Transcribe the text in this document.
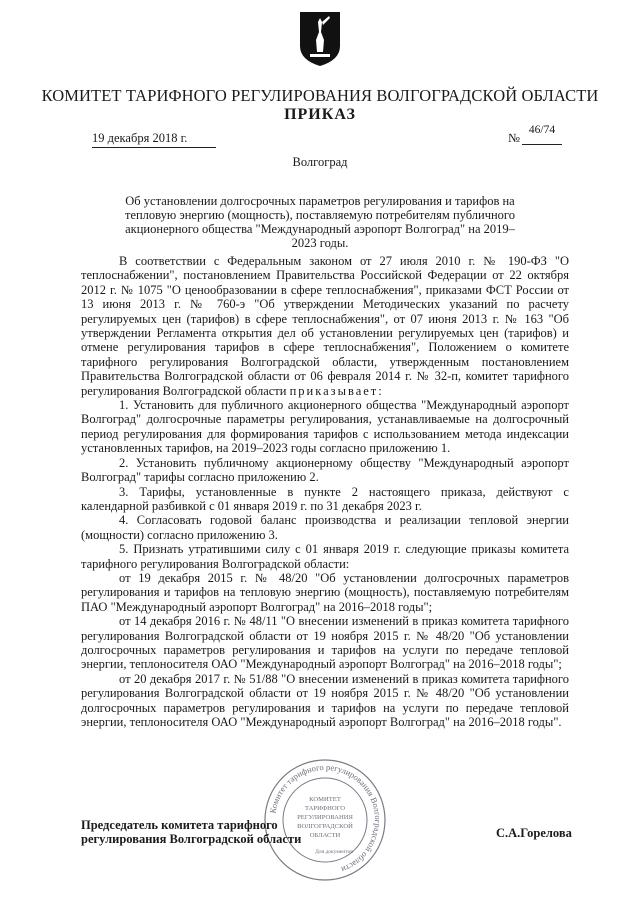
КОМИТЕТ ТАРИФНОГО РЕГУЛИРОВАНИЯ ВОЛГОГРАДСКОЙ ОБЛАСТИ
ПРИКАЗ
19 декабря 2018 г.	№
46/74
Волгоград
Об установлении долгосрочных параметров регулирования и тарифов на тепловую энергию (мощность), поставляемую потребителям публичного акционерного общества "Международный аэропорт Волгоград" на 2019–2023 годы.

В соответствии с Федеральным законом от 27 июля 2010 г. № 190-ФЗ "О теплоснабжении", постановлением Правительства Российской Федерации от 22 октября 2012 г. № 1075 "О ценообразовании в сфере теплоснабжения", приказами ФСТ России от 13 июня 2013 г. № 760-э "Об утверждении Методических указаний по расчету регулируемых цен (тарифов) в сфере теплоснабжения", от 07 июня 2013 г. № 163 "Об утверждении Регламента открытия дел об установлении регулируемых цен (тарифов) и отмене регулирования тарифов в сфере теплоснабжения", Положением о комитете тарифного регулирования Волгоградской области, утвержденным постановлением Правительства Волгоградской области от 06 февраля 2014 г. № 32-п, комитет тарифного регулирования Волгоградской области приказывает:

1. Установить для публичного акционерного общества "Международный аэропорт Волгоград" долгосрочные параметры регулирования, устанавливаемые на долгосрочный период регулирования для формирования тарифов с использованием метода индексации установленных тарифов, на 2019–2023 годы согласно приложению 1.

2. Установить публичному акционерному обществу "Международный аэропорт Волгоград" тарифы согласно приложению 2.

3. Тарифы, установленные в пункте 2 настоящего приказа, действуют с календарной разбивкой с 01 января 2019 г. по 31 декабря 2023 г.

4. Согласовать годовой баланс производства и реализации тепловой энергии (мощности) согласно приложению 3.

5. Признать утратившими силу с 01 января 2019 г. следующие приказы комитета тарифного регулирования Волгоградской области:

от 19 декабря 2015 г. № 48/20 "Об установлении долгосрочных параметров регулирования и тарифов на тепловую энергию (мощность), поставляемую потребителям ПАО "Международный аэропорт Волгоград" на 2016–2018 годы";

от 14 декабря 2016 г. № 48/11 "О внесении изменений в приказ комитета тарифного регулирования Волгоградской области от 19 ноября 2015 г. № 48/20 "Об установлении долгосрочных параметров регулирования и тарифов на услуги по передаче тепловой энергии, теплоносителя ОАО "Международный аэропорт Волгоград" на 2016–2018 годы";

от 20 декабря 2017 г. № 51/88 "О внесении изменений в приказ комитета тарифного регулирования Волгоградской области от 19 ноября 2015 г. № 48/20 "Об установлении долгосрочных параметров регулирования и тарифов на услуги по передаче тепловой энергии, теплоносителя ОАО "Международный аэропорт Волгоград" на 2016–2018 годы".

Комитет тарифного регулирования Волгоградской области
КОМИТЕТ
ТАРИФНОГО
РЕГУЛИРОВАНИЯ
ВОЛГОГРАДСКОЙ
ОБЛАСТИ
Для документов
Председатель комитета тарифного
регулирования Волгоградской области	С.А.Горелова
